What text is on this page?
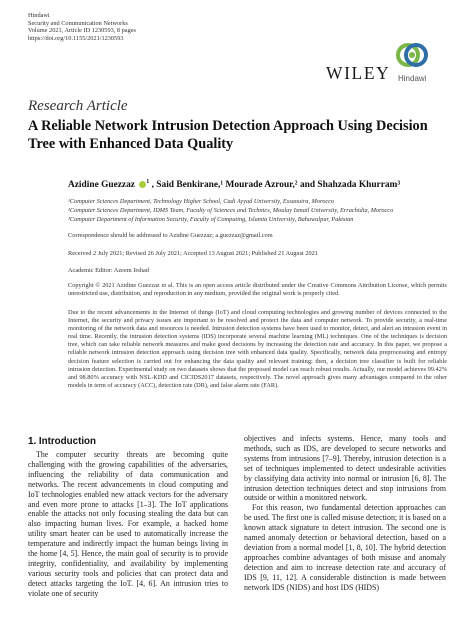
Hindawi
Security and Communication Networks
Volume 2021, Article ID 1230593, 8 pages
https://doi.org/10.1155/2021/1230593
WILEY Hindawi
Research Article
A Reliable Network Intrusion Detection Approach Using Decision Tree with Enhanced Data Quality
Azidine Guezzaz $^1$ , Said Benkirane,¹ Mourade Azrour,² and Shahzada Khurram³
¹Computer Sciences Department, Technology Higher School, Cadi Ayyad University, Essaouira, Morocco
²Computer Sciences Department, IDMS Team, Faculty of Sciences and Technics, Moulay Ismail University, Errachidia, Morocco
³Computer Department of Information Security, Faculty of Computing, Islamia University, Bahawalpur, Pakistan
Correspondence should be addressed to Azidine Guezzaz; a.guezzaz@gmail.com
Received 2 July 2021; Revised 26 July 2021; Accepted 13 August 2021; Published 21 August 2021
Academic Editor: Azeem Irshad
Copyright © 2021 Azidine Guezzaz et al. This is an open access article distributed under the Creative Commons Attribution License, which permits unrestricted use, distribution, and reproduction in any medium, provided the original work is properly cited.
Due to the recent advancements in the Internet of things (IoT) and cloud computing technologies and growing number of devices connected to the Internet, the security and privacy issues are important to be resolved and protect the data and computer network. To provide security, a real-time monitoring of the network data and resources is needed. Intrusion detection systems have been used to monitor, detect, and alert an intrusion event in real time. Recently, the intrusion detection systems (IDS) incorporate several machine learning (ML) techniques. One of the techniques is decision tree, which can take reliable network measures and make good decisions by increasing the detection rate and accuracy. In this paper, we propose a reliable network intrusion detection approach using decision tree with enhanced data quality. Specifically, network data preprocessing and entropy decision feature selection is carried out for enhancing the data quality and relevant training; then, a decision tree classifier is built for reliable intrusion detection. Experimental study on two datasets shows that the proposed model can reach robust results. Actually, our model achieves 99.42% and 98.80% accuracy with NSL-KDD and CICIDS2017 datasets, respectively. The novel approach gives many advantages compared to the other models in term of accuracy (ACC), detection rate (DR), and false alarm rate (FAR).
1. Introduction
The computer security threats are becoming quite challenging with the growing capabilities of the adversaries, influencing the reliability of data communication and networks. The recent advancements in cloud computing and IoT technologies enabled new attack vectors for the adversary and even more prone to attacks [1–3]. The IoT applications enable the attacks not only focusing stealing the data but can also impacting human lives. For example, a hacked home utility smart heater can be used to automatically increase the temperature and indirectly impact the human beings living in the home [4, 5]. Hence, the main goal of security is to provide integrity, confidentiality, and availability by implementing various security tools and policies that can protect data and detect attacks targeting the IoT. [4, 6]. An intrusion tries to violate one of security

objectives and infects systems. Hence, many tools and methods, such as IDS, are developed to secure networks and systems from intrusions [7–9]. Thereby, intrusion detection is a set of techniques implemented to detect undesirable activities by classifying data activity into normal or intrusion [6, 8]. The intrusion detection techniques detect and stop intrusions from outside or within a monitored network.

For this reason, two fundamental detection approaches can be used. The first one is called misuse detection; it is based on a known attack signature to detect intrusion. The second one is named anomaly detection or behavioral detection, based on a deviation from a normal model [1, 8, 10]. The hybrid detection approaches combine advantages of both misuse and anomaly detection and aim to increase detection rate and accuracy of IDS [9, 11, 12]. A considerable distinction is made between network IDS (NIDS) and host IDS (HIDS)
